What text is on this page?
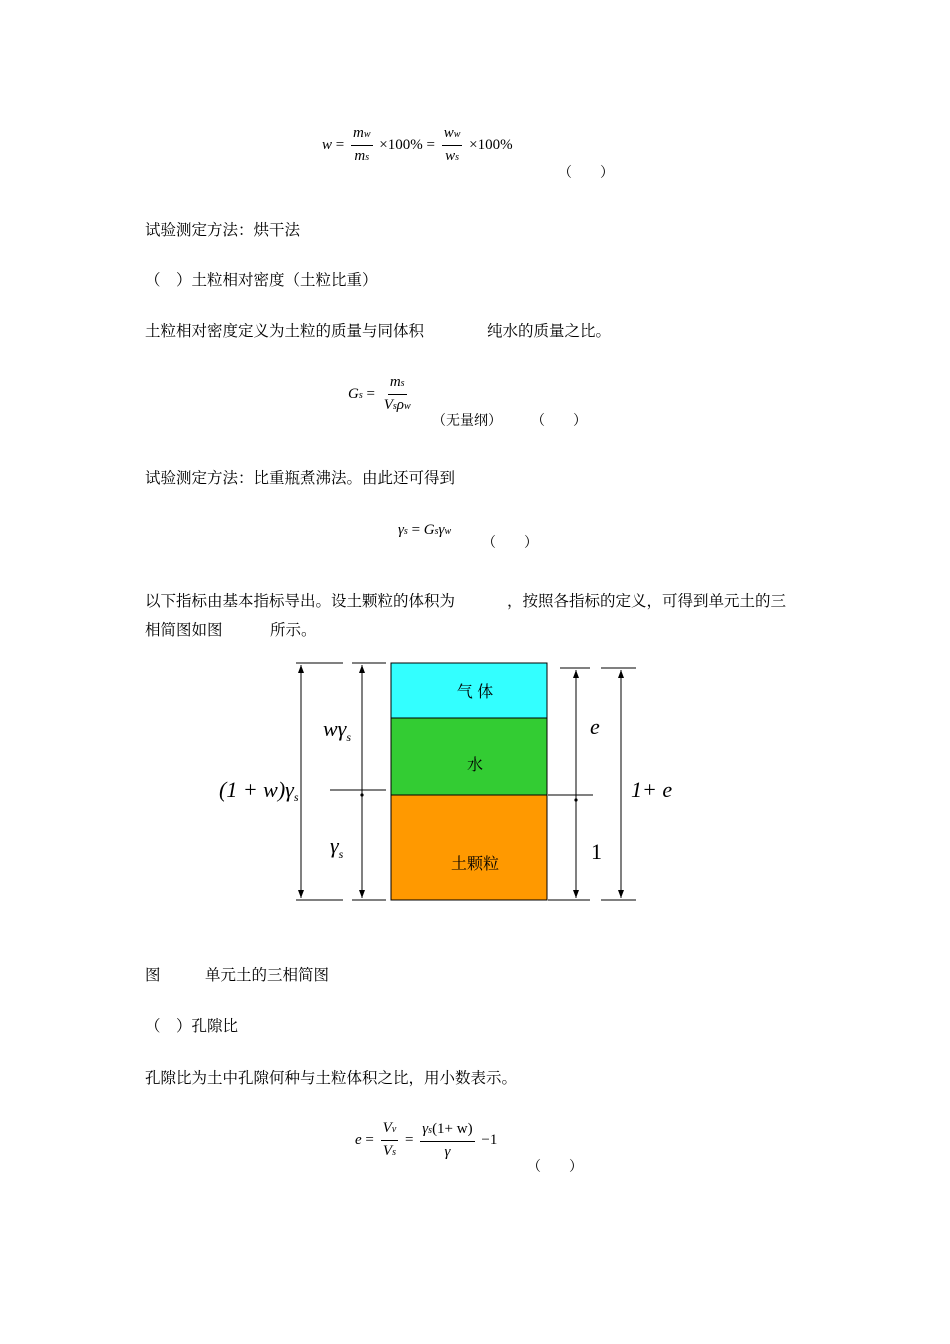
$w = \frac{mw}{ms} \times 100\% = \frac{ww}{ws} \times 100\%$
（　　）
试验测定方法：烘干法
（　）土粒相对密度（土粒比重）
土粒相对密度定义为土粒的质量与同体积	纯水的质量之比。
$Gs = \frac{ms}{\text{Vsρw}}$
（无量纲） （　　）
试验测定方法：比重瓶煮沸法。由此还可得到
γs = Gsγw
（　　）
以下指标由基本指标导出。设土颗粒的体积为	，按照各指标的定义，可得到单元土的三
相简图如图	所示。
气 体
水
土颗粒
(1 + w)γs
$w\gamma_s$
$\gamma_s$
e
1
1+ e
图	单元土的三相简图
（　）孔隙比
孔隙比为土中孔隙何种与土粒体积之比，用小数表示。
$e = \frac{Vv}{Vs} = \frac{\gamma s(1+ w)}{\gamma} -1$
（　　）
